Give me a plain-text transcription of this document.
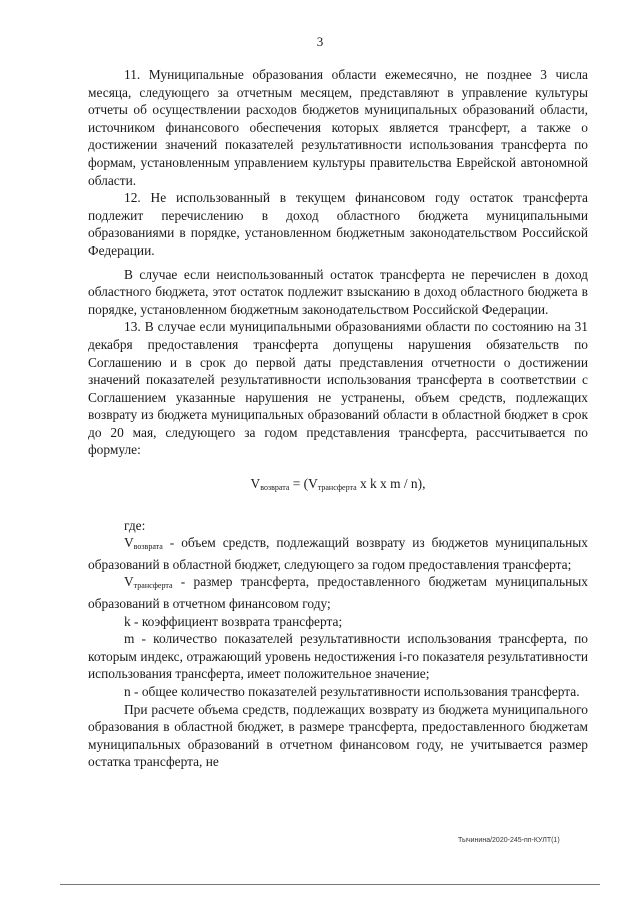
3

11. Муниципальные образования области ежемесячно, не позднее 3 числа месяца, следующего за отчетным месяцем, представляют в управление культуры отчеты об осуществлении расходов бюджетов муниципальных образований области, источником финансового обеспечения которых является трансферт, а также о достижении значений показателей результативности использования трансферта по формам, установленным управлением культуры правительства Еврейской автономной области.

12. Не использованный в текущем финансовом году остаток трансферта подлежит перечислению в доход областного бюджета муниципальными образованиями в порядке, установленном бюджетным законодательством Российской Федерации.

В случае если неиспользованный остаток трансферта не перечислен в доход областного бюджета, этот остаток подлежит взысканию в доход областного бюджета в порядке, установленном бюджетным законодательством Российской Федерации.

13. В случае если муниципальными образованиями области по состоянию на 31 декабря предоставления трансферта допущены нарушения обязательств по Соглашению и в срок до первой даты представления отчетности о достижении значений показателей результативности использования трансферта в соответствии с Соглашением указанные нарушения не устранены, объем средств, подлежащих возврату из бюджета муниципальных образований области в областной бюджет в срок до 20 мая, следующего за годом представления трансферта, рассчитывается по формуле:

$V_{возврата} = (V_{трансферта}$ x k x m / n),

где:

$V_{возврата}$ - объем средств, подлежащий возврату из бюджетов муниципальных образований в областной бюджет, следующего за годом предоставления трансферта;

$V_{трансферта}$ - размер трансферта, предоставленного бюджетам муниципальных образований в отчетном финансовом году;

k - коэффициент возврата трансферта;

m - количество показателей результативности использования трансферта, по которым индекс, отражающий уровень недостижения i-го показателя результативности использования трансферта, имеет положительное значение;

n - общее количество показателей результативности использования трансферта.

При расчете объема средств, подлежащих возврату из бюджета муниципального образования в областной бюджет, в размере трансферта, предоставленного бюджетам муниципальных образований в отчетном финансовом году, не учитывается размер остатка трансферта, не

Тычинина/2020-245-пп-КУЛТ(1)
